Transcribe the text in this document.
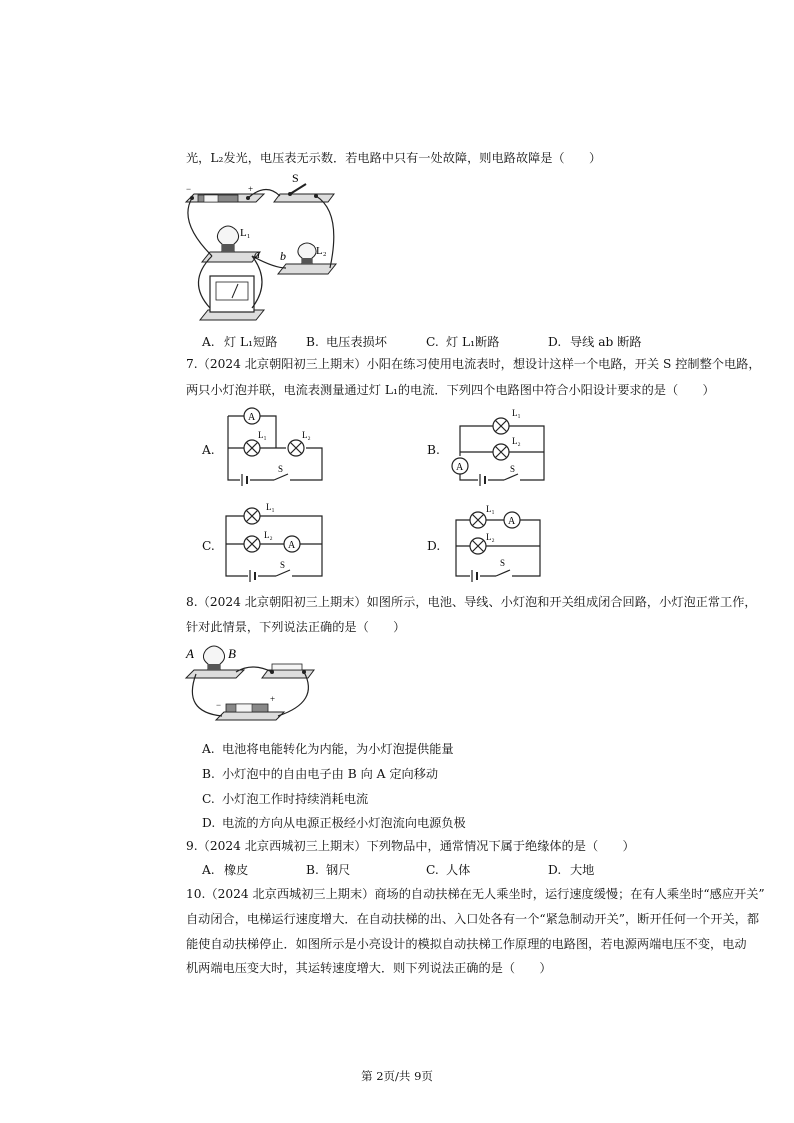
光，L₂发光，电压表无示数．若电路中只有一处故障，则电路故障是（　　）
−	+
S
L₁
L₂
a b
A. 灯 L₁短路 B. 电压表损坏	C. 灯 L₁断路	D. 导线 ab 断路
7.（2024 北京朝阳初三上期末）小阳在练习使用电流表时，想设计这样一个电路，开关 S 控制整个电路，
两只小灯泡并联，电流表测量通过灯 L₁的电流．下列四个电路图中符合小阳设计要求的是（　　）
A.
A
L₁	L₂
S
B.
A
L₁
L₂
S
C.
L₁
L₂
A
S
D.
L₁
A
L₂
S
8.（2024 北京朝阳初三上期末）如图所示，电池、导线、小灯泡和开关组成闭合回路，小灯泡正常工作，
针对此情景，下列说法正确的是（　　）
A	B
−
+
A. 电池将电能转化为内能，为小灯泡提供能量
B. 小灯泡中的自由电子由 B 向 A 定向移动
C. 小灯泡工作时持续消耗电流
D. 电流的方向从电源正极经小灯泡流向电源负极
9.（2024 北京西城初三上期末）下列物品中，通常情况下属于绝缘体的是（　　）
A. 橡皮	B. 钢尺	C. 人体	D. 大地
10.（2024 北京西城初三上期末）商场的自动扶梯在无人乘坐时，运行速度缓慢；在有人乘坐时“感应开关”
自动闭合，电梯运行速度增大．在自动扶梯的出、入口处各有一个“紧急制动开关”，断开任何一个开关，都
能使自动扶梯停止．如图所示是小亮设计的模拟自动扶梯工作原理的电路图，若电源两端电压不变，电动
机两端电压变大时，其运转速度增大．则下列说法正确的是（　　）
第 2页/共 9页
